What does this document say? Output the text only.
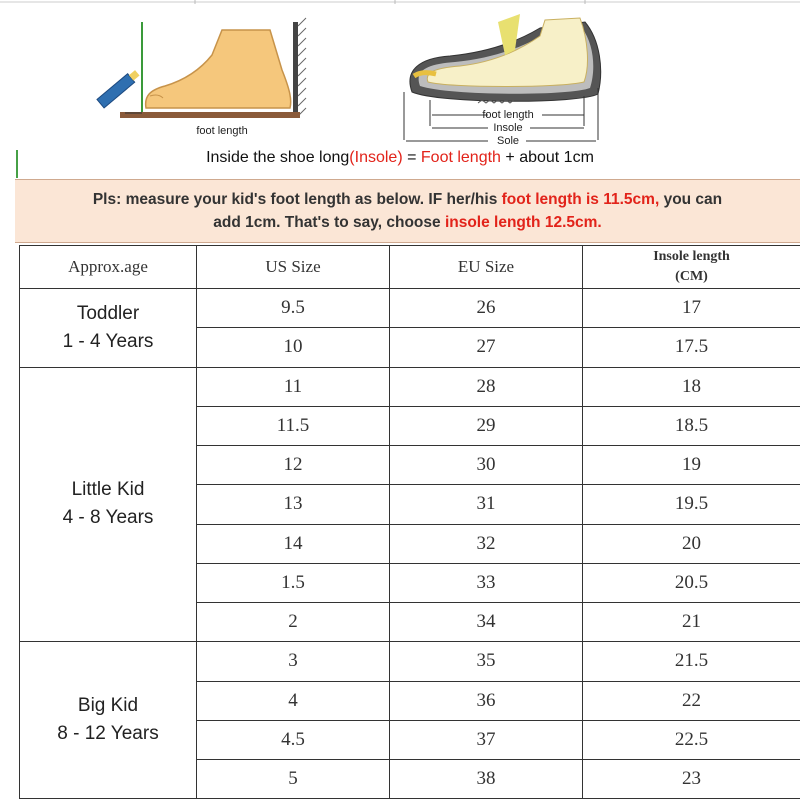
foot length
foot length
Insole
Sole
Inside the shoe long(Insole) = Foot length + about 1cm
Pls: measure your kid's foot length as below. IF her/his foot length is 11.5cm, you can
add 1cm. That's to say, choose insole length 12.5cm.
Approx.age	US Size	EU Size	Insole length
(CM)

Toddler
1 - 4 Years	9.5	26	17
	10	27	17.5

Little Kid
4 - 8 Years	11	28	18
	11.5	29	18.5
	12	30	19
	13	31	19.5
	14	32	20
	1.5	33	20.5
	2	34	21

Big Kid
8 - 12 Years	3	35	21.5
	4	36	22
	4.5	37	22.5
	5	38	23
